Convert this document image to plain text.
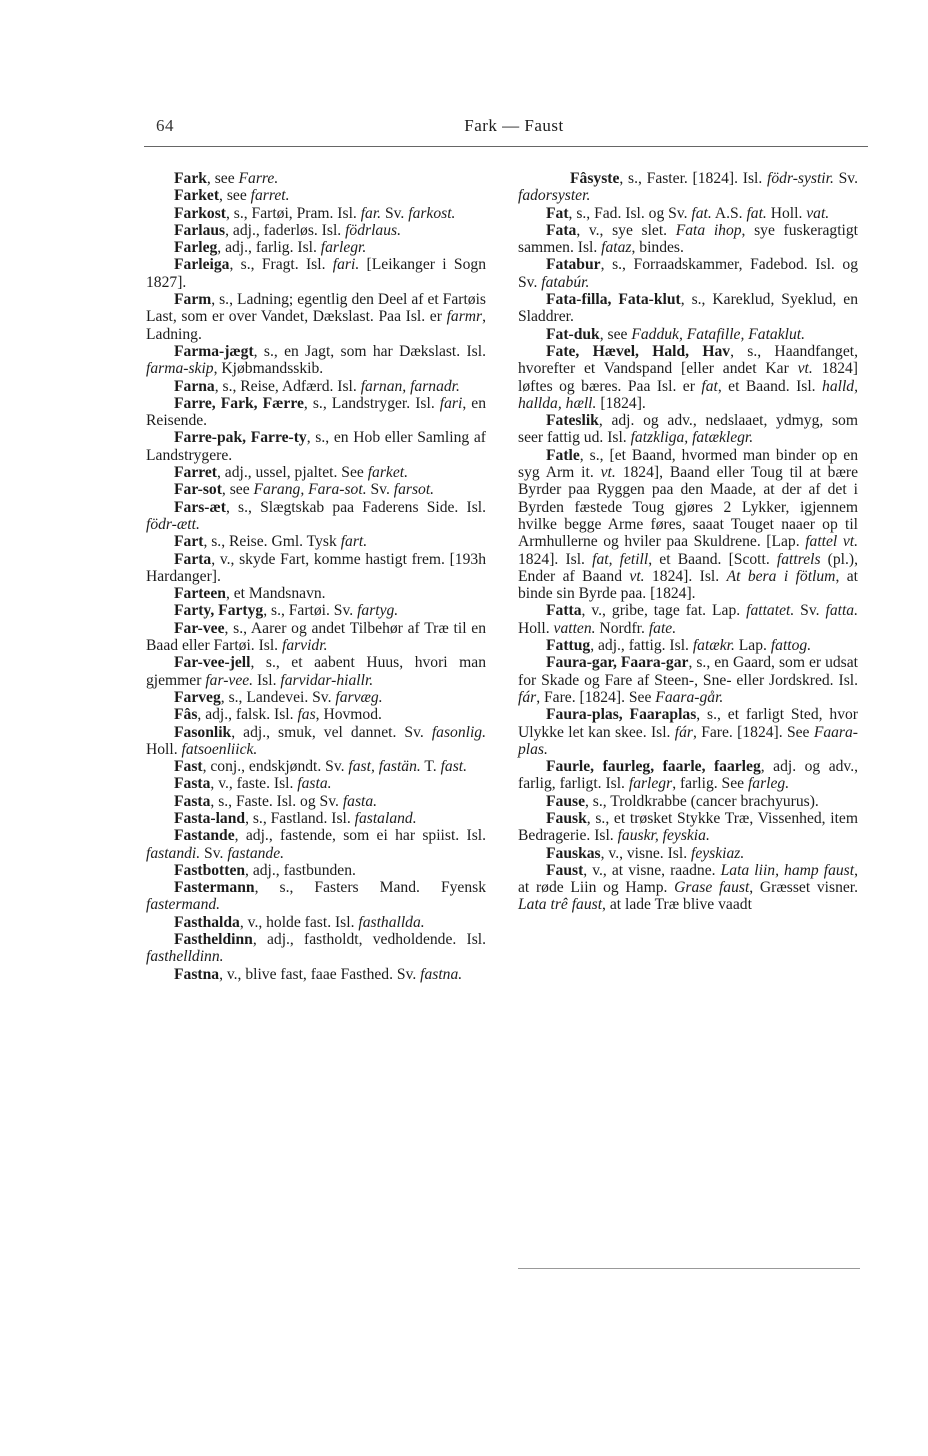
64	Fark — Faust

Fark, see Farre.

Farket, see farret.

Farkost, s., Fartøi, Pram. Isl. far. Sv. farkost.

Farlaus, adj., faderløs. Isl. födrlaus.

Farleg, adj., farlig. Isl. farlegr.

Farleiga, s., Fragt. Isl. fari. [Leikanger i Sogn 1827].

Farm, s., Ladning; egentlig den Deel af et Fartøis Last, som er over Vandet, Dækslast. Paa Isl. er farmr, Ladning.

Farma-jægt, s., en Jagt, som har Dækslast. Isl. farma-skip, Kjøbmandsskib.

Farna, s., Reise, Adfærd. Isl. farnan, farnadr.

Farre, Fark, Færre, s., Landstryger. Isl. fari, en Reisende.

Farre-pak, Farre-ty, s., en Hob eller Samling af Landstrygere.

Farret, adj., ussel, pjaltet. See farket.

Far-sot, see Farang, Fara-sot. Sv. farsot.

Fars-æt, s., Slægtskab paa Faderens Side. Isl. födr-ætt.

Fart, s., Reise. Gml. Tysk fart.

Farta, v., skyde Fart, komme hastigt frem. [193h Hardanger].

Farteen, et Mandsnavn.

Farty, Fartyg, s., Fartøi. Sv. fartyg.

Far-vee, s., Aarer og andet Tilbehør af Træ til en Baad eller Fartøi. Isl. farvidr.

Far-vee-jell, s., et aabent Huus, hvori man gjemmer far-vee. Isl. farvidar-hiallr.

Farveg, s., Landevei. Sv. farvæg.

Fâs, adj., falsk. Isl. fas, Hovmod.

Fasonlik, adj., smuk, vel dannet. Sv. fasonlig. Holl. fatsoenliick.

Fast, conj., endskjøndt. Sv. fast, fastän. T. fast.

Fasta, v., faste. Isl. fasta.

Fasta, s., Faste. Isl. og Sv. fasta.

Fasta-land, s., Fastland. Isl. fastaland.

Fastande, adj., fastende, som ei har spiist. Isl. fastandi. Sv. fastande.

Fastbotten, adj., fastbunden.

Fastermann, s., Fasters Mand. Fyensk fastermand.

Fasthalda, v., holde fast. Isl. fasthallda.

Fastheldinn, adj., fastholdt, vedholdende. Isl. fasthelldinn.

Fastna, v., blive fast, faae Fasthed. Sv. fastna.

Fâsyste, s., Faster. [1824]. Isl. födr-systir. Sv. fadorsyster.

Fat, s., Fad. Isl. og Sv. fat. A.S. fat. Holl. vat.

Fata, v., sye slet. Fata ihop, sye fuskeragtigt sammen. Isl. fataz, bindes.

Fatabur, s., Forraadskammer, Fadebod. Isl. og Sv. fatabúr.

Fata-filla, Fata-klut, s., Kareklud, Syeklud, en Sladdrer.

Fat-duk, see Fadduk, Fatafille, Fataklut.

Fate, Hævel, Hald, Hav, s., Haandfanget, hvorefter et Vandspand [eller andet Kar vt. 1824] løftes og bæres. Paa Isl. er fat, et Baand. Isl. halld, hallda, hæll. [1824].

Fateslik, adj. og adv., nedslaaet, ydmyg, som seer fattig ud. Isl. fatzkliga, fatæklegr.

Fatle, s., [et Baand, hvormed man binder op en syg Arm it. vt. 1824], Baand eller Toug til at bære Byrder paa Ryggen paa den Maade, at der af det i Byrden fæstede Toug gjøres 2 Lykker, igjennem hvilke begge Arme føres, saaat Touget naaer op til Armhullerne og hviler paa Skuldrene. [Lap. fattel vt. 1824]. Isl. fat, fetill, et Baand. [Scott. fattrels (pl.), Ender af Baand vt. 1824]. Isl. At bera i fötlum, at binde sin Byrde paa. [1824].

Fatta, v., gribe, tage fat. Lap. fattatet. Sv. fatta. Holl. vatten. Nordfr. fate.

Fattug, adj., fattig. Isl. fatækr. Lap. fattog.

Faura-gar, Faara-gar, s., en Gaard, som er udsat for Skade og Fare af Steen-, Sne- eller Jordskred. Isl. fár, Fare. [1824]. See Faara-går.

Faura-plas, Faaraplas, s., et farligt Sted, hvor Ulykke let kan skee. Isl. fár, Fare. [1824]. See Faara-plas.

Faurle, faurleg, faarle, faarleg, adj. og adv., farlig, farligt. Isl. farlegr, farlig. See farleg.

Fause, s., Troldkrabbe (cancer brachyurus).

Fausk, s., et trøsket Stykke Træ, Vissenhed, item Bedragerie. Isl. fauskr, feyskia.

Fauskas, v., visne. Isl. feyskiaz.

Faust, v., at visne, raadne. Lata liin, hamp faust, at røde Liin og Hamp. Grase faust, Græsset visner. Lata trê faust, at lade Træ blive vaadt
